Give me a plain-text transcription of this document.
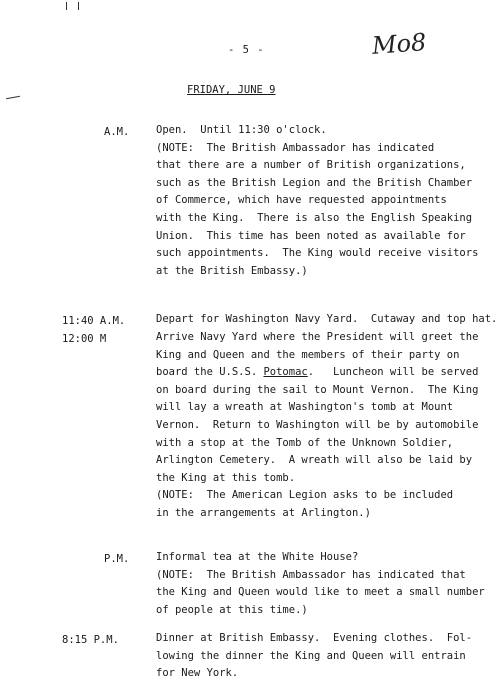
- 5 -	Mo8
FRIDAY, JUNE 9
A.M.	Open.  Until 11:30 o'clock.
(NOTE:  The British Ambassador has indicated
that there are a number of British organizations,
such as the British Legion and the British Chamber
of Commerce, which have requested appointments
with the King.  There is also the English Speaking
Union.  This time has been noted as available for
such appointments.  The King would receive visitors
at the British Embassy.)
11:40 A.M.	Depart for Washington Navy Yard.  Cutaway and top hat.
12:00 M	Arrive Navy Yard where the President will greet the
King and Queen and the members of their party on
board the U.S.S. Potomac.   Luncheon will be served
on board during the sail to Mount Vernon.  The King
will lay a wreath at Washington's tomb at Mount
Vernon.  Return to Washington will be by automobile
with a stop at the Tomb of the Unknown Soldier,
Arlington Cemetery.  A wreath will also be laid by
the King at this tomb.
(NOTE:  The American Legion asks to be included
in the arrangements at Arlington.)
P.M.	Informal tea at the White House?
(NOTE:  The British Ambassador has indicated that
the King and Queen would like to meet a small number
of people at this time.)
8:15 P.M.	Dinner at British Embassy.  Evening clothes.  Fol-
lowing the dinner the King and Queen will entrain
for New York.
